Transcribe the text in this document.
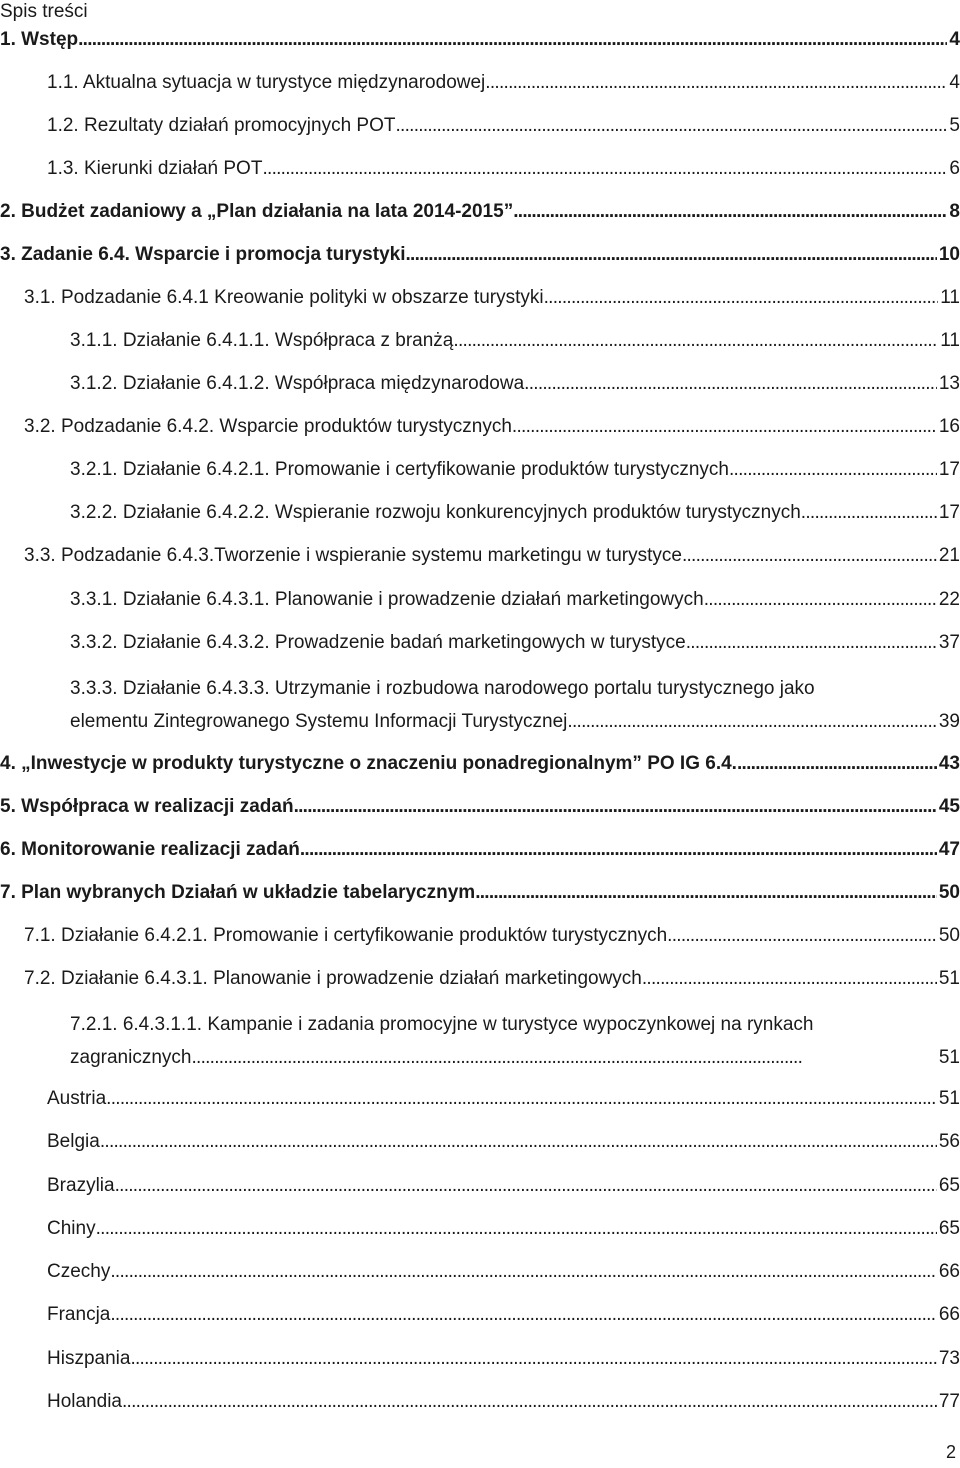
Spis treści
1. Wstęp . . .	4
1.1. Aktualna sytuacja w turystyce międzynarodowej . . .	4
1.2. Rezultaty działań promocyjnych POT . . .	5
1.3. Kierunki działań POT . . .	6
2. Budżet zadaniowy a „Plan działania na lata 2014-2015” . . .	8
3. Zadanie 6.4. Wsparcie i promocja turystyki . . .	10
3.1. Podzadanie 6.4.1 Kreowanie polityki w obszarze turystyki . . .	11
3.1.1. Działanie 6.4.1.1. Współpraca z branżą . . .	11
3.1.2. Działanie 6.4.1.2. Współpraca międzynarodowa . . .	13
3.2. Podzadanie 6.4.2. Wsparcie produktów turystycznych . . .	16
3.2.1. Działanie 6.4.2.1. Promowanie i certyfikowanie produktów turystycznych . . .	17
3.2.2. Działanie 6.4.2.2. Wspieranie rozwoju konkurencyjnych produktów turystycznych . . .	17
3.3. Podzadanie 6.4.3.Tworzenie i wspieranie systemu marketingu w turystyce . . .	21
3.3.1. Działanie 6.4.3.1. Planowanie i prowadzenie działań marketingowych . . .	22
3.3.2. Działanie 6.4.3.2. Prowadzenie badań marketingowych w turystyce . . .	37
3.3.3. Działanie 6.4.3.3. Utrzymanie i rozbudowa narodowego portalu turystycznego jako
elementu Zintegrowanego Systemu Informacji Turystycznej . . .	39
4. „Inwestycje w produkty turystyczne o znaczeniu ponadregionalnym” PO IG 6.4. . . .	43
5. Współpraca w realizacji zadań . . .	45
6. Monitorowanie realizacji zadań . . .	47
7. Plan wybranych Działań w układzie tabelarycznym . . .	50
7.1. Działanie 6.4.2.1. Promowanie i certyfikowanie produktów turystycznych . . .	50
7.2. Działanie 6.4.3.1. Planowanie i prowadzenie działań marketingowych . . .	51
7.2.1. 6.4.3.1.1. Kampanie i zadania promocyjne w turystyce wypoczynkowej na rynkach
zagranicznych . . .	51
Austria . . .	51
Belgia . . .	56
Brazylia . . .	65
Chiny . . .	65
Czechy . . .	66
Francja . . .	66
Hiszpania . . .	73
Holandia . . .	77
2
